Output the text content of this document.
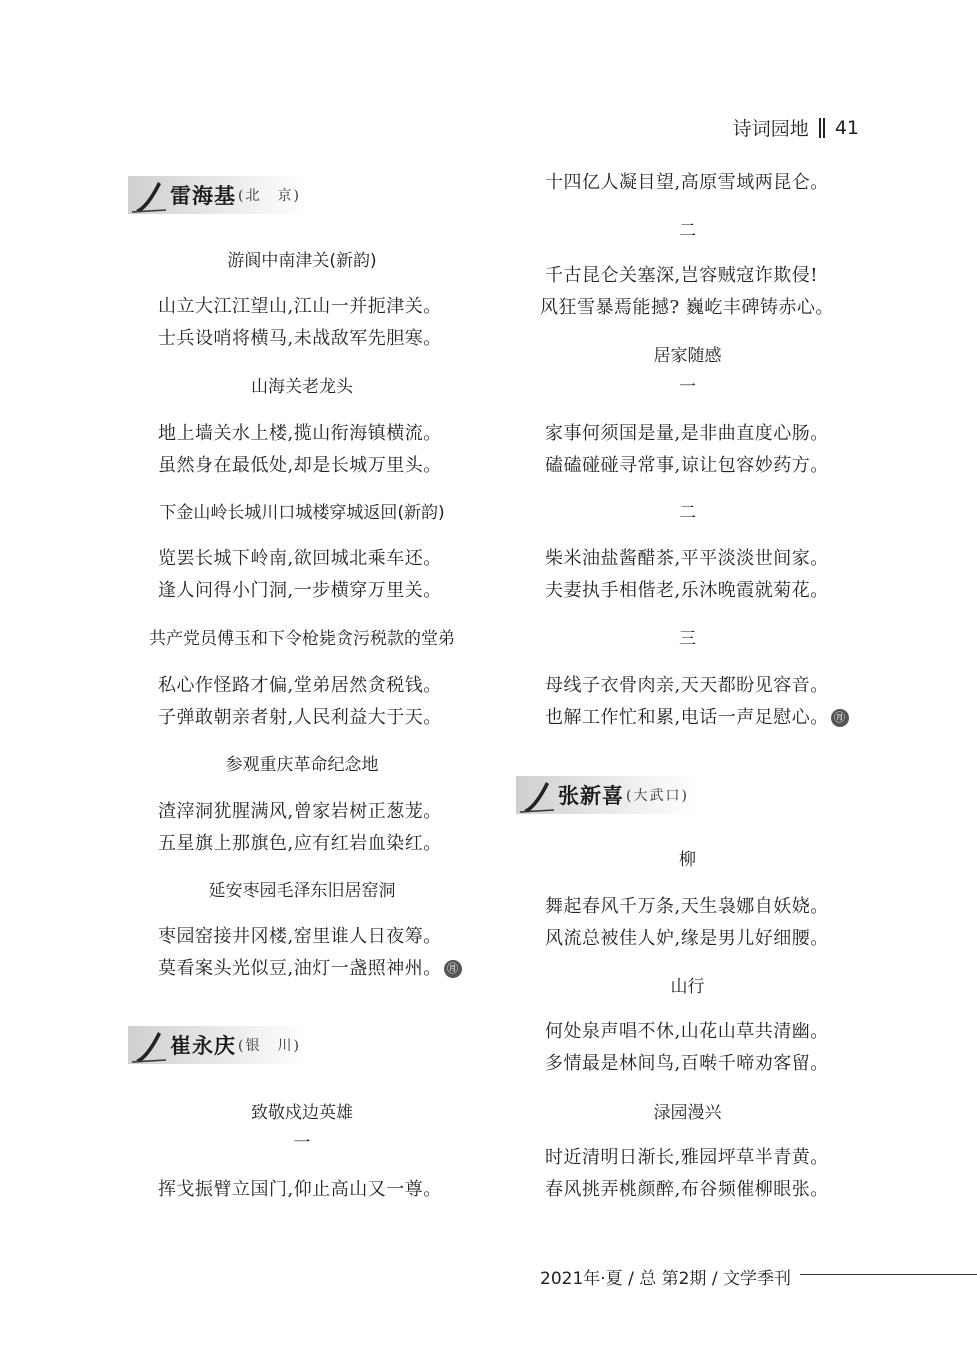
诗词园地 41
雷海基 (北　京)
游阆中南津关(新韵)
山立大江江望山,江山一并扼津关。
士兵设哨将横马,未战敌军先胆寒。
山海关老龙头
地上墙关水上楼,揽山衔海镇横流。
虽然身在最低处,却是长城万里头。
下金山岭长城川口城楼穿城返回(新韵)
览罢长城下岭南,欲回城北乘车还。
逢人问得小门洞,一步横穿万里关。
共产党员傅玉和下令枪毙贪污税款的堂弟
私心作怪路才偏,堂弟居然贪税钱。
子弹敢朝亲者射,人民利益大于天。
参观重庆革命纪念地
渣滓洞犹腥满风,曾家岩树正葱茏。
五星旗上那旗色,应有红岩血染红。
延安枣园毛泽东旧居窑洞
枣园窑接井冈楼,窑里谁人日夜筹。
莫看案头光似豆,油灯一盏照神州。 ㊊
崔永庆 (银　川)
致敬戍边英雄
一
挥戈振臂立国门,仰止高山又一尊。
十四亿人凝目望,高原雪域两昆仑。
二
千古昆仑关塞深,岂容贼寇诈欺侵!
风狂雪暴焉能撼? 巍屹丰碑铸赤心。
居家随感
一
家事何须国是量,是非曲直度心肠。
磕磕碰碰寻常事,谅让包容妙药方。
二
柴米油盐酱醋茶,平平淡淡世间家。
夫妻执手相偕老,乐沐晚霞就菊花。
三
母线子衣骨肉亲,天天都盼见容音。
也解工作忙和累,电话一声足慰心。 ㊊
张新喜 (大武口)
柳
舞起春风千万条,天生袅娜自妖娆。
风流总被佳人妒,缘是男儿好细腰。
山行
何处泉声唱不休,山花山草共清幽。
多情最是林间鸟,百啭千啼劝客留。
渌园漫兴
时近清明日渐长,雅园坪草半青黄。
春风挑弄桃颜醉,布谷频催柳眼张。
2021年·夏 / 总 第2期 / 文学季刊
